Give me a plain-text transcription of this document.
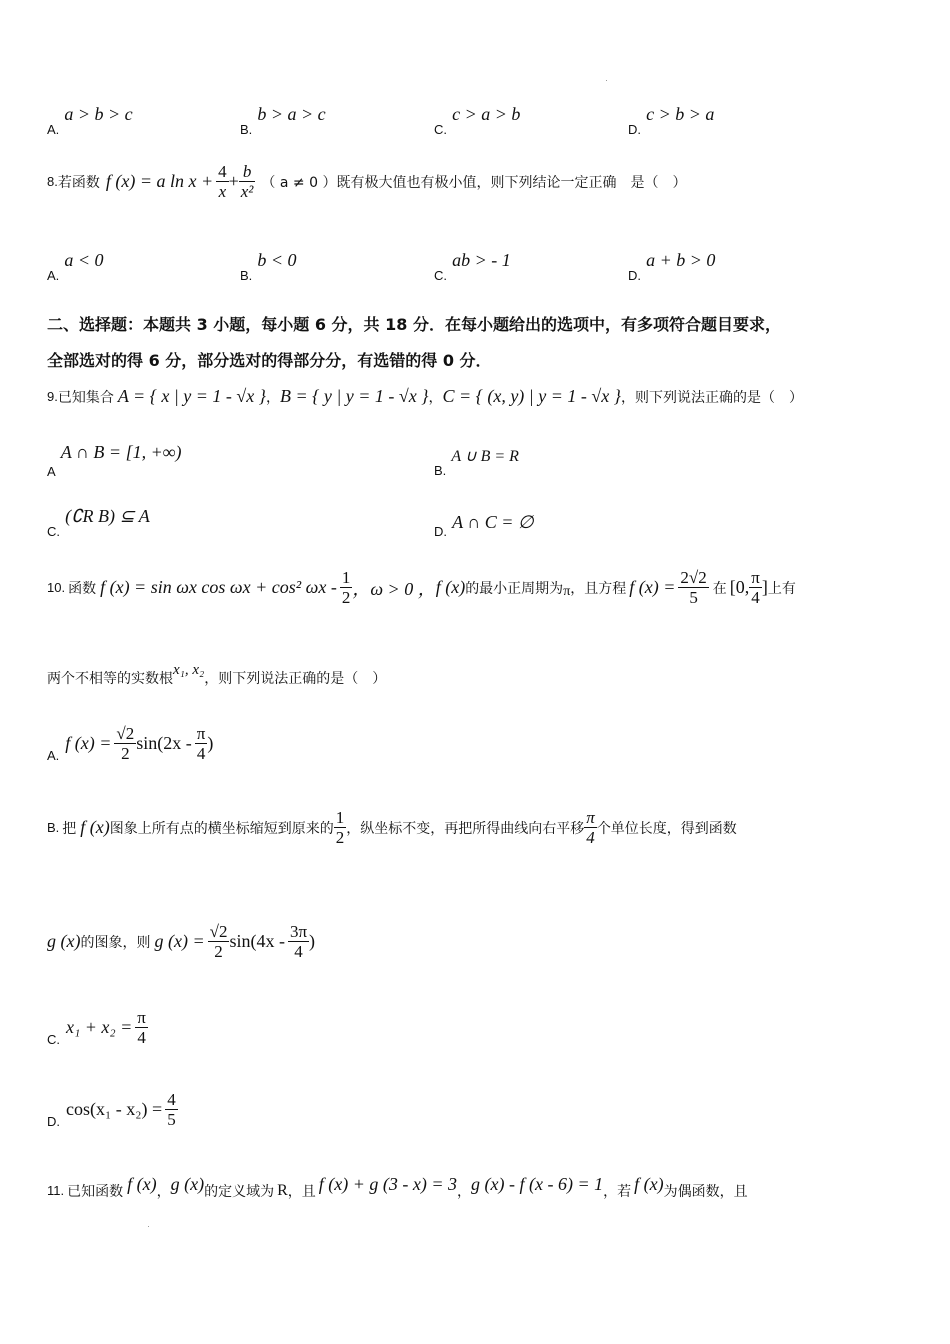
$_{A.}$ a > b > c
$_{B.}$ b > a > c
$_{C.}$ c > a > b
$_{D.}$ c > b > a
8. 若函数 f (x) = a $\ln x + \frac{4}{x} + \frac{b}{\text{x²}}$ （ a ≠ 0 ）既有极大值也有极小值，则下列结论一定正确　是（　）
$_{A.}$ a < 0
$_{B.}$ b < 0
$_{C.}$ ab > - 1
$_{D.}$ a + b > 0
二、选择题：本题共 3 小题，每小题 6 分，共 18 分．在每小题给出的选项中，有多项符合题目要求，
全部选对的得 6 分，部分选对的得部分分，有选错的得 0 分．
9. 已知集合 A = { x | y = 1 - √x } ， B = { y | y = 1 - √x } ， C = { (x, y) | y = 1 - √x } ，则下列说法正确的是（　）
$_A$ A ∩ B = [1, +∞)
$_{B.}$ A ∪ B = R
$_{C.}$ (∁R B) ⊆ A
$_{D.}$ A ∩ C = ∅
10. 函数 f (x) = sin ωx cos ωx + cos² ωx - $\frac{1}{2}$ ，ω > 0 ， f (x) 的最小正周期为 π ，且方程 f $(x) = \frac{2√2}{5}$ 在 [0, $\frac{\pi}{4}$ ] 上有
两个不相等的实数根
x₁, x₂
，则下列说法正确的是（　）
A.
f $(x) = \frac{√2}{2} \sin(2x - \frac{\pi}{4}$ )
B. 把 f (x) 图象上所有点的横坐标缩短到原来的 $\frac{1}{2}$ ，纵坐标不变，再把所得曲线向右平移 $\frac{\pi}{4}$ 个单位长度，得到函数
g (x) 的图象，则 g $(x) = \frac{√2}{2} \sin(4x - \frac{3\pi}{4}$ )
C.
$x_1 + x_2 = \frac{\pi}{4}$
D.
$\cos(x_1 - x_2) = \frac{4}{5}$
11. 已知函数 f (x) ， g (x) 的定义域为 R ，且 f (x) + g (3 - x) = 3 ， g (x) - f (x - 6) = 1 ，若 f (x) 为偶函数，且
